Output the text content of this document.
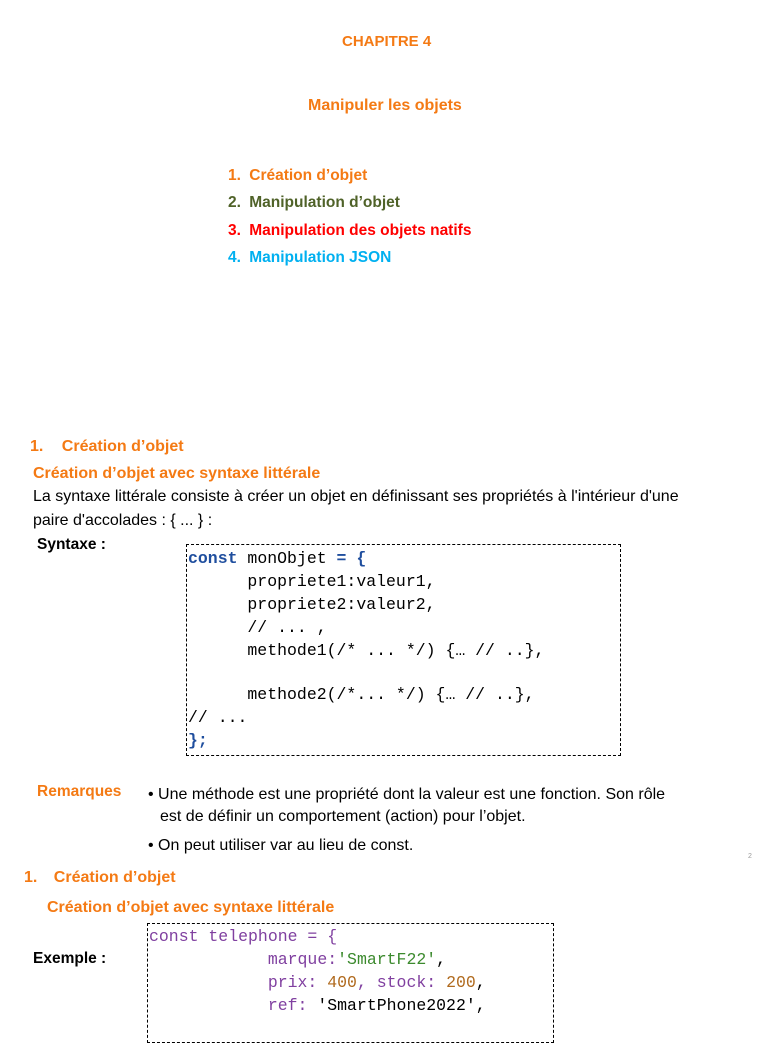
CHAPITRE 4
Manipuler les objets
1. Création d’objet
2. Manipulation d’objet
3. Manipulation des objets natifs
4. Manipulation JSON
1. Création d’objet
Création d’objet avec syntaxe littérale
La syntaxe littérale consiste à créer un objet en définissant ses propriétés à l'intérieur d'une
paire d'accolades : { ... } :
Syntaxe :
const monObjet = {
propriete1:valeur1,
propriete2:valeur2,
// ... ,
methode1(/* ... */) {… // ..},
methode2(/*... */) {… // ..},
// ...
};
Remarques • Une méthode est une propriété dont la valeur est une fonction. Son rôle
est de définir un comportement (action) pour l’objet.
• On peut utiliser var au lieu de const.
2
1. Création d’objet
Création d’objet avec syntaxe littérale
Exemple :
const telephone = {
marque:'SmartF22',
prix: 400, stock: 200,
ref: 'SmartPhone2022',
